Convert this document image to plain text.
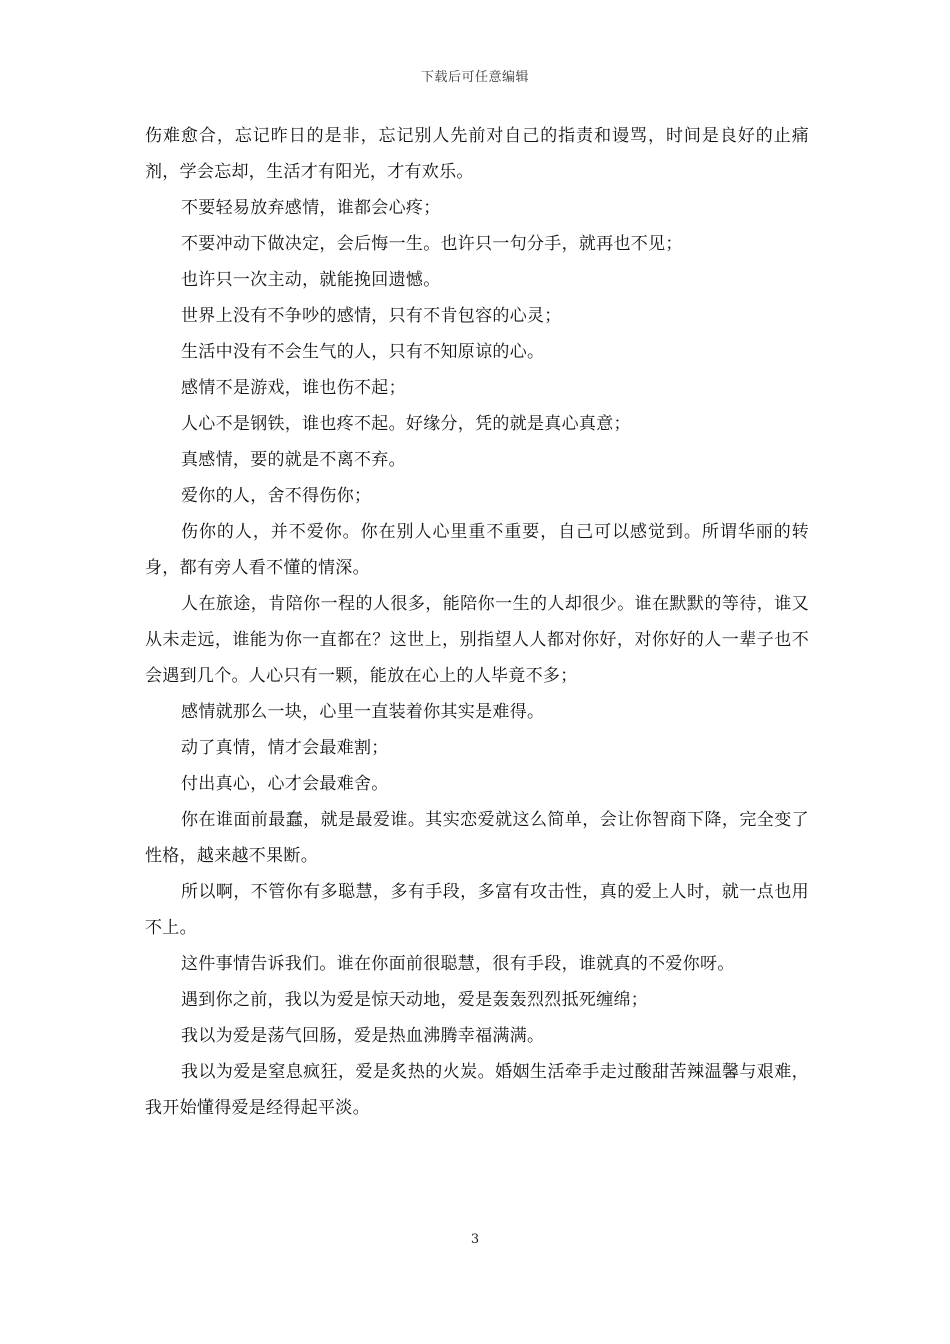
下载后可任意编辑

伤难愈合，忘记昨日的是非，忘记别人先前对自己的指责和谩骂，时间是良好的止痛剂，学会忘却，生活才有阳光，才有欢乐。

不要轻易放弃感情，谁都会心疼；

不要冲动下做决定，会后悔一生。也许只一句分手，就再也不见；

也许只一次主动，就能挽回遗憾。

世界上没有不争吵的感情，只有不肯包容的心灵；

生活中没有不会生气的人，只有不知原谅的心。

感情不是游戏，谁也伤不起；

人心不是钢铁，谁也疼不起。好缘分，凭的就是真心真意；

真感情，要的就是不离不弃。

爱你的人，舍不得伤你；

伤你的人，并不爱你。你在别人心里重不重要，自己可以感觉到。所谓华丽的转身，都有旁人看不懂的情深。

人在旅途，肯陪你一程的人很多，能陪你一生的人却很少。谁在默默的等待，谁又从未走远，谁能为你一直都在？这世上，别指望人人都对你好，对你好的人一辈子也不会遇到几个。人心只有一颗，能放在心上的人毕竟不多；

感情就那么一块，心里一直装着你其实是难得。

动了真情，情才会最难割；

付出真心，心才会最难舍。

你在谁面前最蠢，就是最爱谁。其实恋爱就这么简单，会让你智商下降，完全变了性格，越来越不果断。

所以啊，不管你有多聪慧，多有手段，多富有攻击性，真的爱上人时，就一点也用不上。

这件事情告诉我们。谁在你面前很聪慧，很有手段，谁就真的不爱你呀。

遇到你之前，我以为爱是惊天动地，爱是轰轰烈烈抵死缠绵；

我以为爱是荡气回肠，爱是热血沸腾幸福满满。

我以为爱是窒息疯狂，爱是炙热的火炭。婚姻生活牵手走过酸甜苦辣温馨与艰难，我开始懂得爱是经得起平淡。

3
